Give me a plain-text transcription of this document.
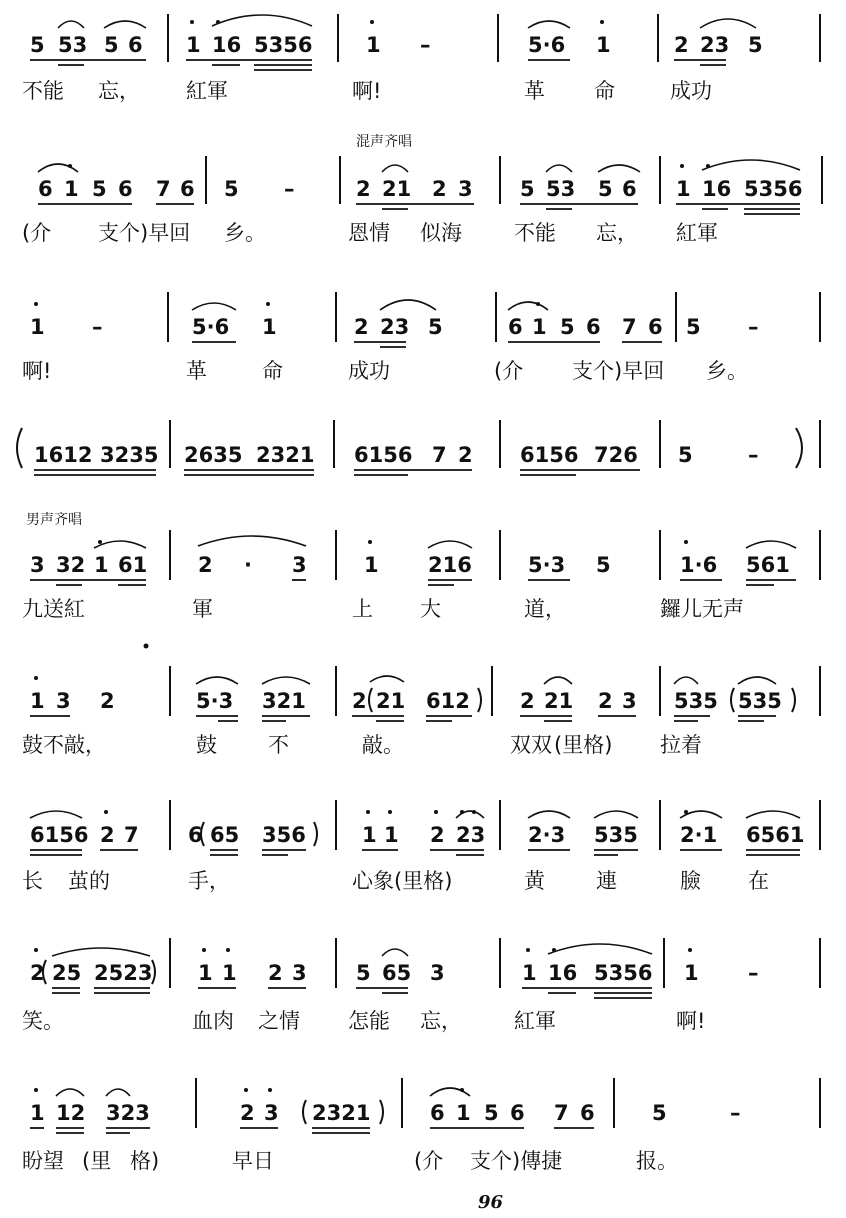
5 53 5 6 1 16 5356	1 –	5·6 1	2 23 5
不能 忘， 紅軍	啊!	革 命	成功
混声齐唱
6 1 5 6 7 6 5 –	2 21 2 3 5 53 5 6 1 16 5356
(介 支个)早回 乡。	恩情 似海 不能 忘， 紅軍
1 –	5·6 1	2 23 5	6 1 5 6 7 6 5 –
啊!	革	命	成功	(介 支个)早回 乡。
1612 3235 2635 2321 6156 7 2 6156 726 5	–
男声齐唱
3 32 1 61 2 · 3	1 216	5·3 5	1·6 561
九送紅	軍	上 大	道，	鑼儿无声
1 3 2	5·3 321 2 21 612 2 21 2 3 535 535
鼓不敲，	鼓 不	敲。	双双 (里格) 拉着
6156 2 7 6 65 356	1 1 2 23 2·3 535 2·1 6561
长 茧的	手，	心象(里格)	黄 連	臉 在
2 25 2523 1 1 2 3 5 65 3	1 16 5356 1 –
笑。	血肉 之情 怎能 忘， 紅軍	啊!
1 12 323	2 3 2321	6 1 5 6 7 6	5	–
盼望 (里 格)	早日	(介 支个)傳捷	报。
96
